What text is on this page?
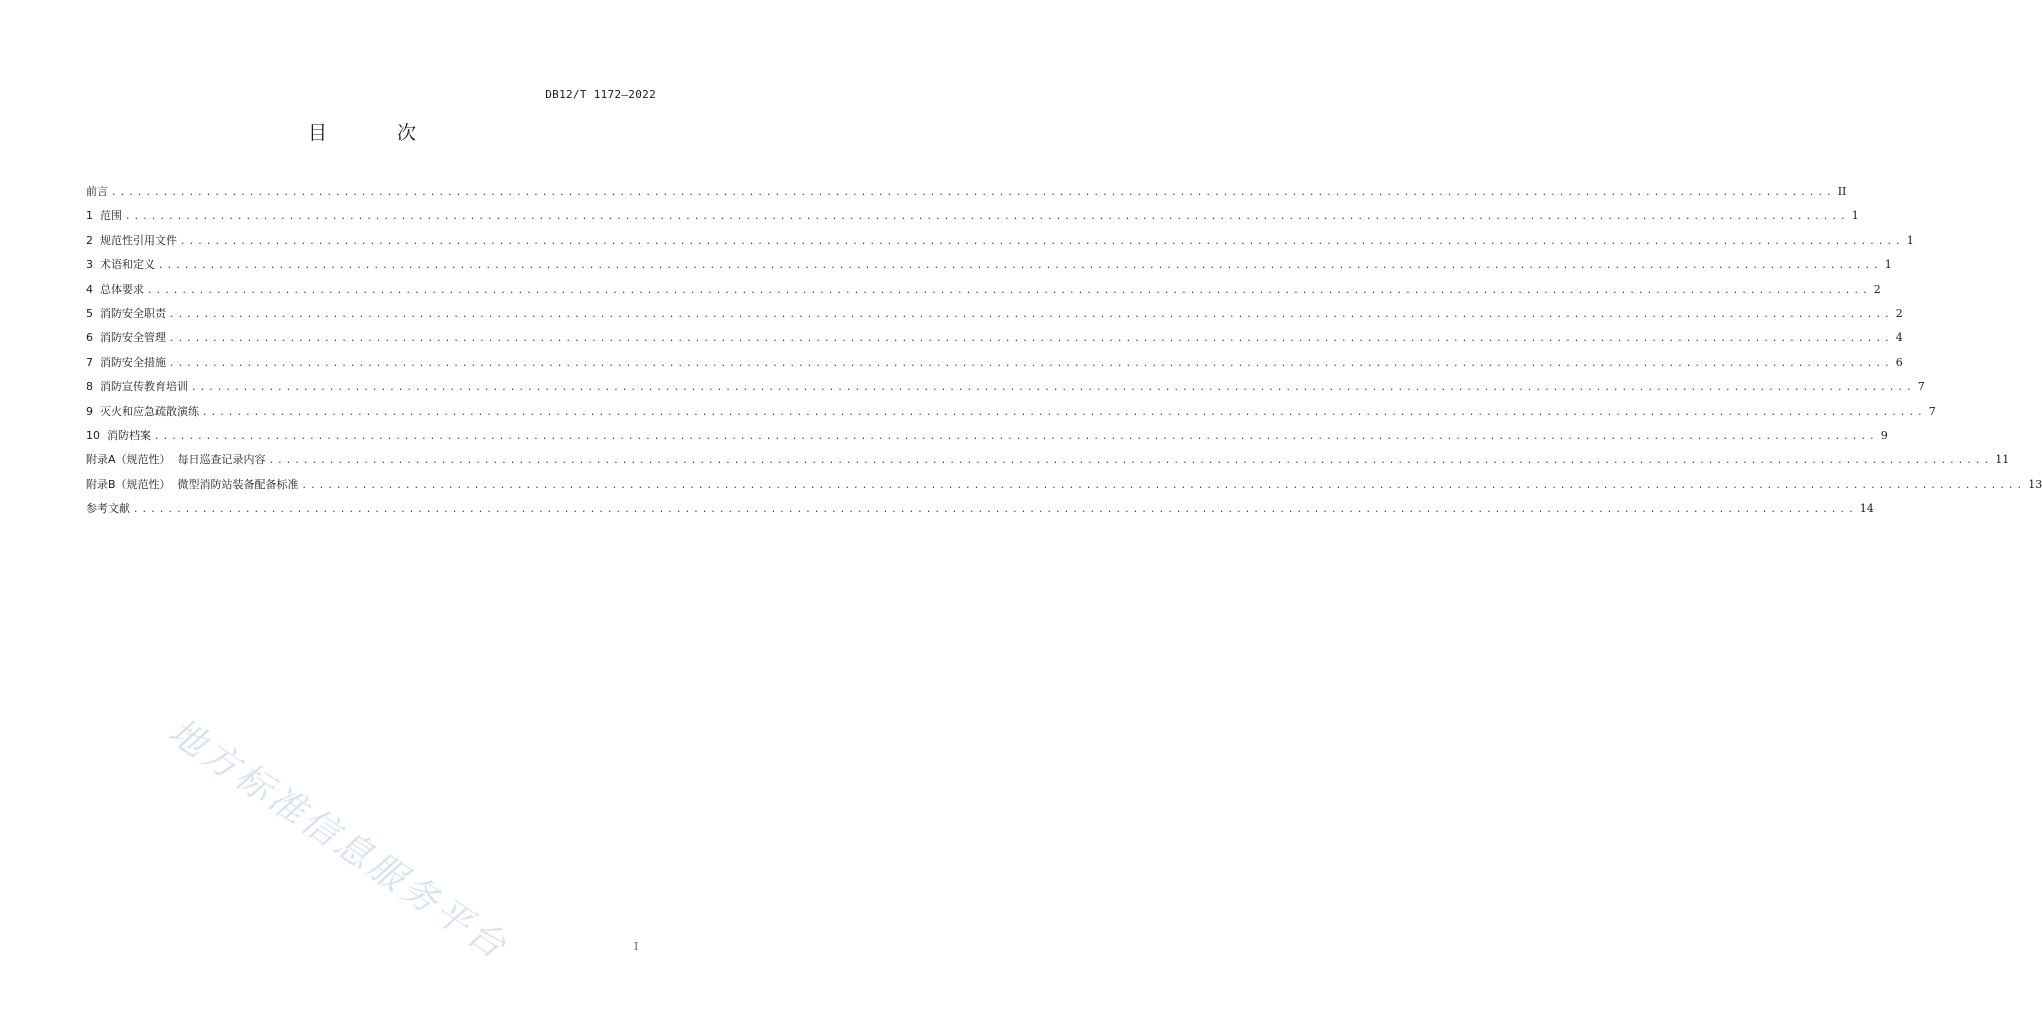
DB12/T 1172—2022
目 次
前言 ........................................................................................................................................................................................................ II
1  范围 ........................................................................................................................................................................................................ 1
2  规范性引用文件 ........................................................................................................................................................................................................ 1
3  术语和定义 ........................................................................................................................................................................................................ 1
4  总体要求 ........................................................................................................................................................................................................ 2
5  消防安全职责 ........................................................................................................................................................................................................ 2
6  消防安全管理 ........................................................................................................................................................................................................ 4
7  消防安全措施 ........................................................................................................................................................................................................ 6
8  消防宣传教育培训 ........................................................................................................................................................................................................ 7
9  灭火和应急疏散演练 ........................................................................................................................................................................................................ 7
10  消防档案 ........................................................................................................................................................................................................ 9
附录A（规范性）  每日巡查记录内容 ........................................................................................................................................................................................................ 11
附录B（规范性）  微型消防站装备配备标准 ........................................................................................................................................................................................................ 13
参考文献 ........................................................................................................................................................................................................ 14
地方标准信息服务平台	I
